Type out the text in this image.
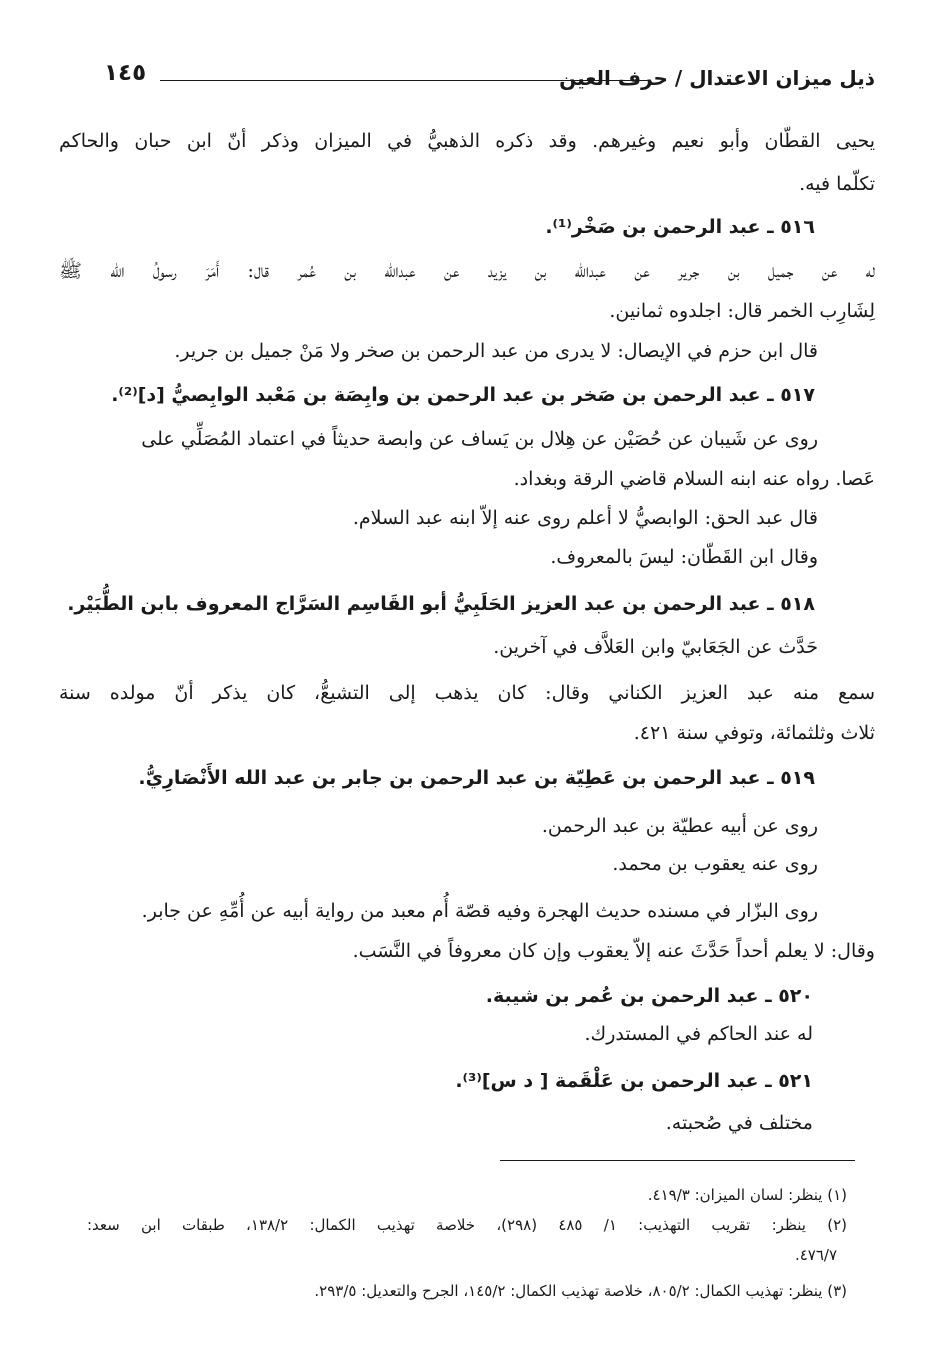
ذيل ميزان الاعتدال / حرف العين
١٤٥
يحيى القطّان وأبو نعيم وغيرهم. وقد ذكره الذهبيُّ في الميزان وذكر أنّ ابن حبان والحاكم
تكلّما فيه.
٥١٦ ـ عبد الرحمن بن صَخْر⁽¹⁾.
له عن جميل بن جرير عن عبدالله بن يزيد عن عبدالله بن عُمر قال: أَمَرَ رسولُ الله ﷺ
لِشَارِب الخمر قال: اجلدوه ثمانين.
قال ابن حزم في الإيصال: لا يدرى من عبد الرحمن بن صخر ولا مَنْ جميل بن جرير.
٥١٧ ـ عبد الرحمن بن صَخر بن عبد الرحمن بن وابِصَة بن مَعْبد الوابِصيُّ [د]⁽²⁾.
روى عن شَيبان عن حُصَيْن عن هِلال بن يَساف عن وابصة حديثاً في اعتماد المُصَلِّي على
عَصا. رواه عنه ابنه السلام قاضي الرقة وبغداد.
قال عبد الحق: الوابصيُّ لا أعلم روى عنه إلاّ ابنه عبد السلام.
وقال ابن القَطّان: ليسَ بالمعروف.
٥١٨ ـ عبد الرحمن بن عبد العزيز الحَلَبِيُّ أبو القَاسِم السَرَّاج المعروف بابن الطُّبَيْر.
حَدَّث عن الجَعَابيّ وابن العَلاَّف في آخرين.
سمع منه عبد العزيز الكناني وقال: كان يذهب إلى التشيعُّ، كان يذكر أنّ مولده سنة
ثلاث وثلثمائة، وتوفي سنة ٤٢١.
٥١٩ ـ عبد الرحمن بن عَطِيّة بن عبد الرحمن بن جابر بن عبد الله الأَنْصَارِيُّ.
روى عن أبيه عطيّة بن عبد الرحمن.
روى عنه يعقوب بن محمد.
روى البزّار في مسنده حديث الهجرة وفيه قصّة أُم معبد من رواية أبيه عن أُمِّهِ عن جابر.
وقال: لا يعلم أحداً حَدَّثَ عنه إلاّ يعقوب وإن كان معروفاً في النَّسَب.
٥٢٠ ـ عبد الرحمن بن عُمر بن شيبة.
له عند الحاكم في المستدرك.
٥٢١ ـ عبد الرحمن بن عَلْقَمة [ د س]⁽³⁾.
مختلف في صُحبته.
(١) ينظر: لسان الميزان: ٤١٩/٣.
(٢) ينظر: تقريب التهذيب: ١/ ٤٨٥ (٢٩٨)، خلاصة تهذيب الكمال: ١٣٨/٢، طبقات ابن سعد:
٤٧٦/٧.
(٣) ينظر: تهذيب الكمال: ٨٠٥/٢، خلاصة تهذيب الكمال: ١٤٥/٢، الجرح والتعديل: ٢٩٣/٥.
